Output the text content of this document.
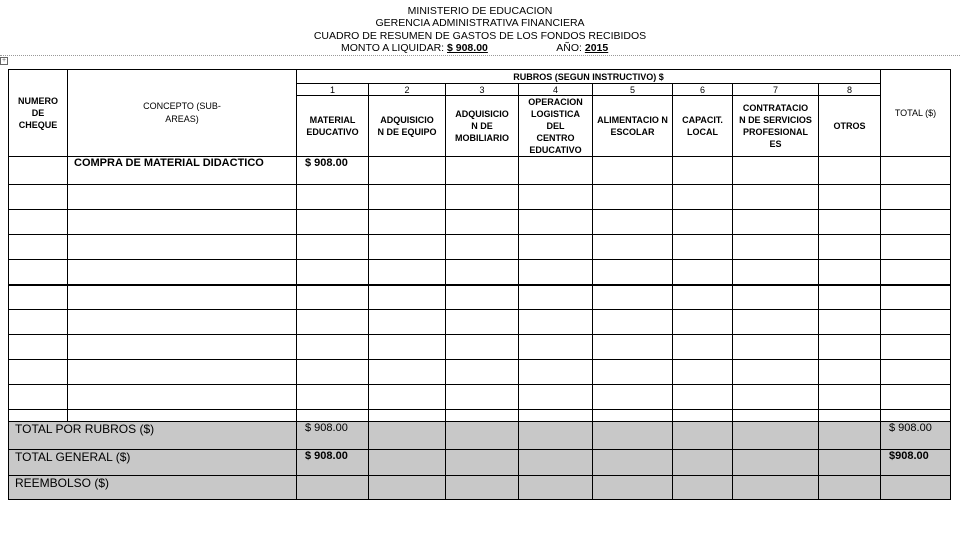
+
MINISTERIO DE EDUCACION
GERENCIA ADMINISTRATIVA FINANCIERA
CUADRO DE RESUMEN DE GASTOS DE LOS FONDOS RECIBIDOS
MONTO A LIQUIDAR: $ 908.00	AÑO: 2015
NUMERO DE CHEQUE	CONCEPTO (SUB-AREAS)	RUBROS (SEGUN INSTRUCTIVO) $								TOTAL ($)
		1	2	3	4	5	6	7	8	
		MATERIAL EDUCATIVO	ADQUISICIO N DE EQUIPO	ADQUISICIO N DE MOBILIARIO	OPERACION LOGISTICA DEL CENTRO EDUCATIVO	ALIMENTACIO N ESCOLAR	CAPACIT. LOCAL	CONTRATACIO N DE SERVICIOS PROFESIONAL ES	OTROS	
	COMPRA DE MATERIAL DIDACTICO	$ 908.00								

TOTAL POR RUBROS ($)		$ 908.00								$ 908.00
TOTAL GENERAL ($)		$ 908.00								$908.00
REEMBOLSO ($)										
